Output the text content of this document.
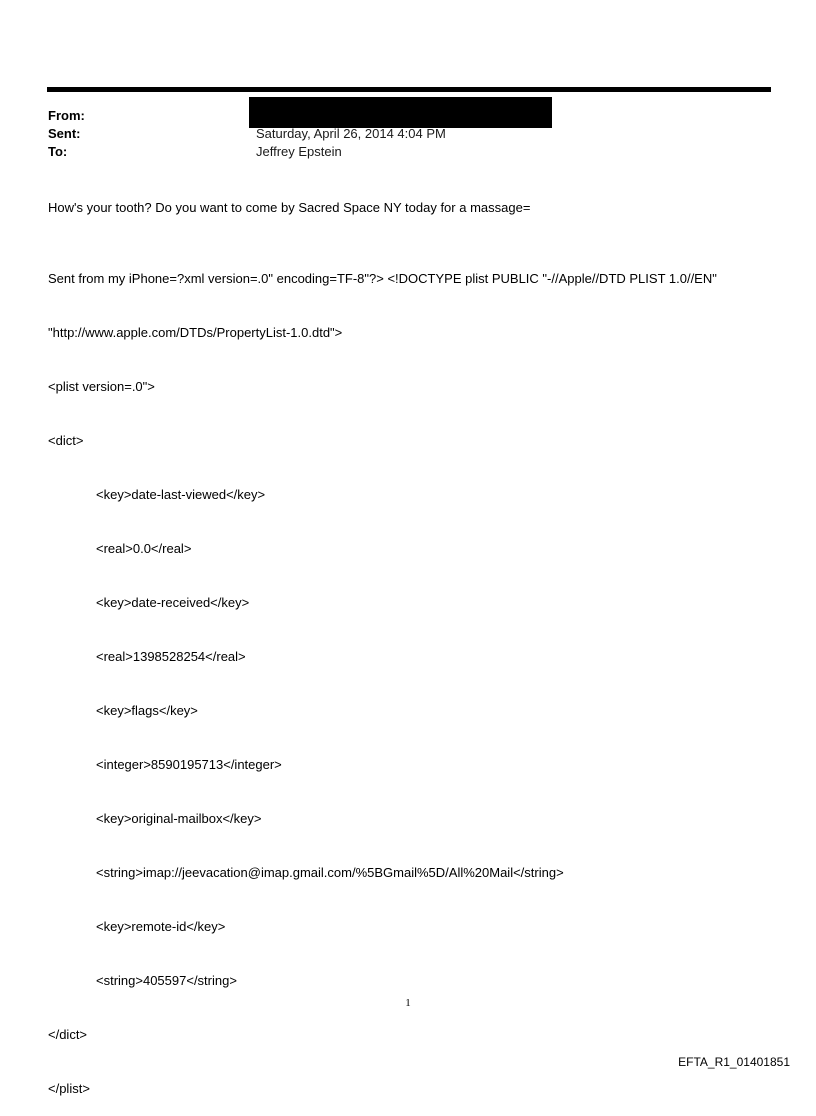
From:
Sent:	Saturday, April 26, 2014 4:04 PM
To:	Jeffrey Epstein
How's your tooth? Do you want to come by Sacred Space NY today for a massage=

Sent from my iPhone=?xml version=.0" encoding=TF-8"?> <!DOCTYPE plist PUBLIC "-//Apple//DTD PLIST 1.0//EN"

"http://www.apple.com/DTDs/PropertyList-1.0.dtd">

<plist version=.0">

<dict>

<key>date-last-viewed</key>

<real>0.0</real>

<key>date-received</key>

<real>1398528254</real>

<key>flags</key>

<integer>8590195713</integer>

<key>original-mailbox</key>

<string>imap://jeevacation@imap.gmail.com/%5BGmail%5D/All%20Mail</string>

<key>remote-id</key>

<string>405597</string>

</dict>

</plist>

1
EFTA_R1_01401851
